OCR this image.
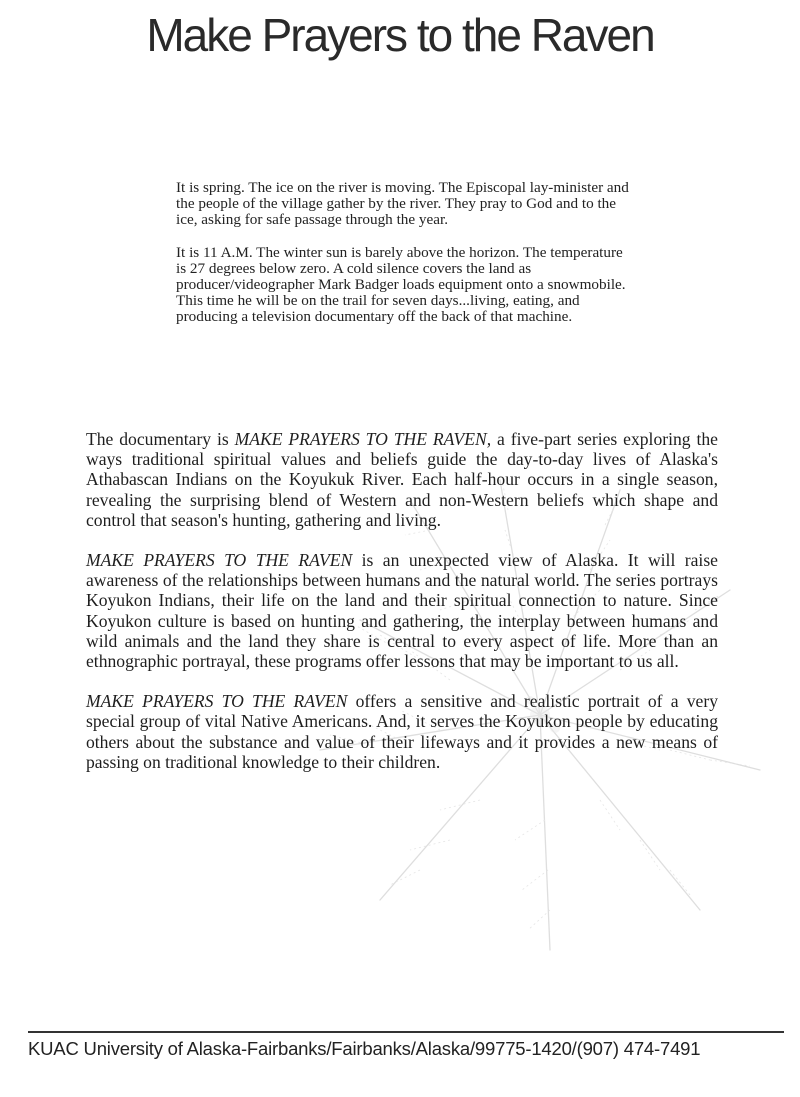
Make Prayers to the Raven

It is spring. The ice on the river is moving. The Episcopal lay-minister and the people of the village gather by the river. They pray to God and to the ice, asking for safe passage through the year.

It is 11 A.M. The winter sun is barely above the horizon. The temperature is 27 degrees below zero. A cold silence covers the land as producer/videographer Mark Badger loads equipment onto a snowmobile. This time he will be on the trail for seven days...living, eating, and producing a television documentary off the back of that machine.

The documentary is MAKE PRAYERS TO THE RAVEN, a five-part series exploring the ways traditional spiritual values and beliefs guide the day-to-day lives of Alaska's Athabascan Indians on the Koyukuk River. Each half-hour occurs in a single season, revealing the surprising blend of Western and non-Western beliefs which shape and control that season's hunting, gathering and living.

MAKE PRAYERS TO THE RAVEN is an unexpected view of Alaska. It will raise awareness of the relationships between humans and the natural world. The series portrays Koyukon Indians, their life on the land and their spiritual connection to nature. Since Koyukon culture is based on hunting and gathering, the interplay between humans and wild animals and the land they share is central to every aspect of life. More than an ethnographic portrayal, these programs offer lessons that may be important to us all.

MAKE PRAYERS TO THE RAVEN offers a sensitive and realistic portrait of a very special group of vital Native Americans. And, it serves the Koyukon people by educating others about the substance and value of their lifeways and it provides a new means of passing on traditional knowledge to their children.

KUAC University of Alaska-Fairbanks/Fairbanks/Alaska/99775-1420/(907) 474-7491
